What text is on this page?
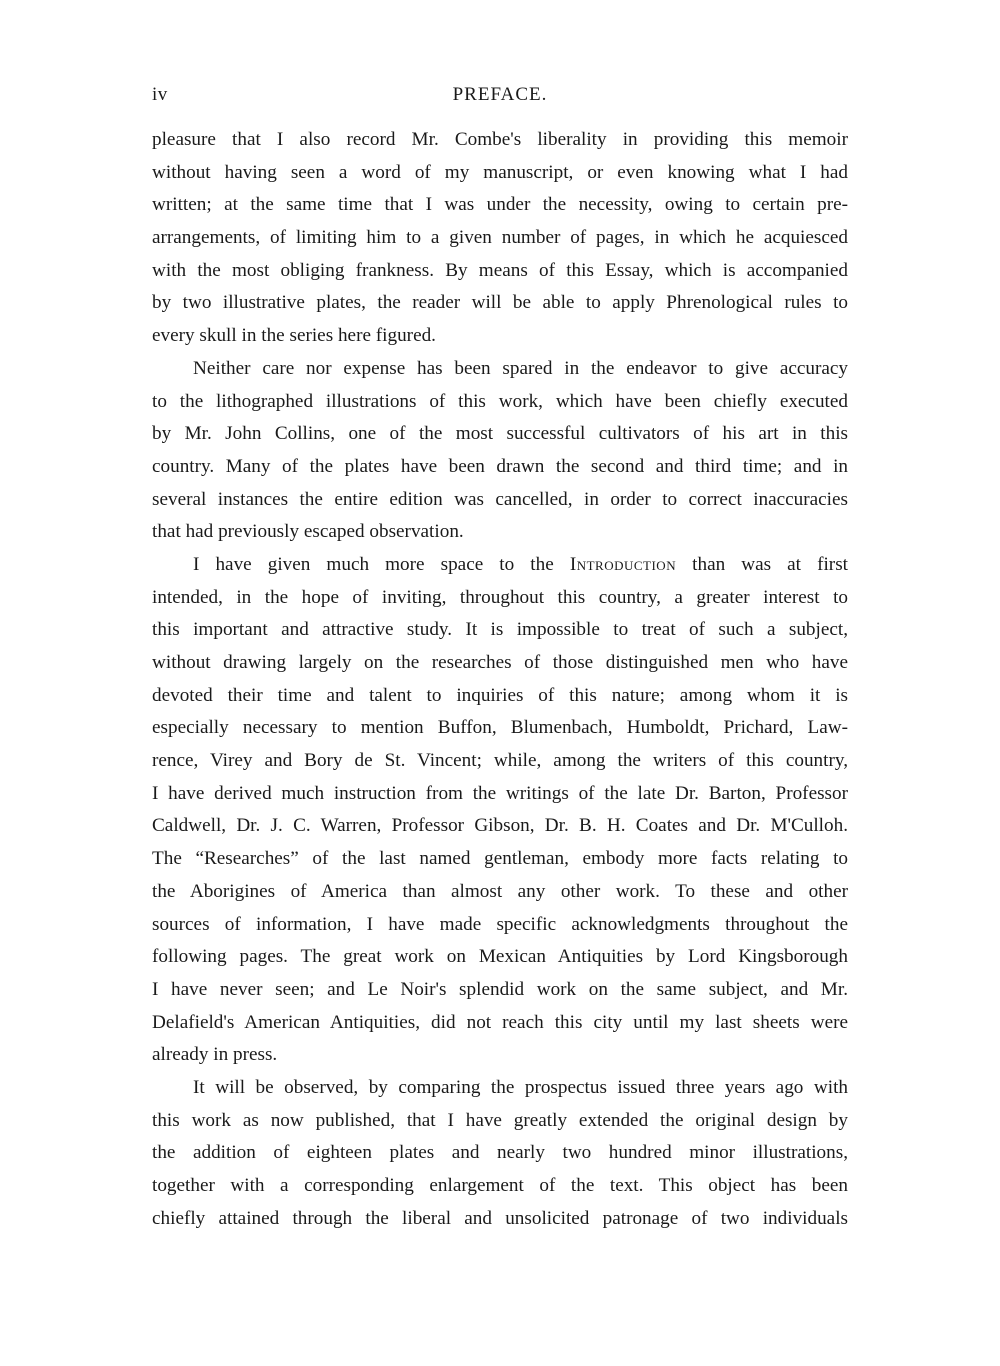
iv	PREFACE.
pleasure that I also record Mr. Combe's liberality in providing this memoir
without having seen a word of my manuscript, or even knowing what I had
written; at the same time that I was under the necessity, owing to certain pre-
arrangements, of limiting him to a given number of pages, in which he acquiesced
with the most obliging frankness. By means of this Essay, which is accompanied
by two illustrative plates, the reader will be able to apply Phrenological rules to
every skull in the series here figured.
Neither care nor expense has been spared in the endeavor to give accuracy
to the lithographed illustrations of this work, which have been chiefly executed
by Mr. John Collins, one of the most successful cultivators of his art in this
country. Many of the plates have been drawn the second and third time; and in
several instances the entire edition was cancelled, in order to correct inaccuracies
that had previously escaped observation.
I have given much more space to the Introduction than was at first
intended, in the hope of inviting, throughout this country, a greater interest to
this important and attractive study. It is impossible to treat of such a subject,
without drawing largely on the researches of those distinguished men who have
devoted their time and talent to inquiries of this nature; among whom it is
especially necessary to mention Buffon, Blumenbach, Humboldt, Prichard, Law-
rence, Virey and Bory de St. Vincent; while, among the writers of this country,
I have derived much instruction from the writings of the late Dr. Barton, Professor
Caldwell, Dr. J. C. Warren, Professor Gibson, Dr. B. H. Coates and Dr. M'Culloh.
The “Researches” of the last named gentleman, embody more facts relating to
the Aborigines of America than almost any other work. To these and other
sources of information, I have made specific acknowledgments throughout the
following pages. The great work on Mexican Antiquities by Lord Kingsborough
I have never seen; and Le Noir's splendid work on the same subject, and Mr.
Delafield's American Antiquities, did not reach this city until my last sheets were
already in press.
It will be observed, by comparing the prospectus issued three years ago with
this work as now published, that I have greatly extended the original design by
the addition of eighteen plates and nearly two hundred minor illustrations,
together with a corresponding enlargement of the text. This object has been
chiefly attained through the liberal and unsolicited patronage of two individuals
